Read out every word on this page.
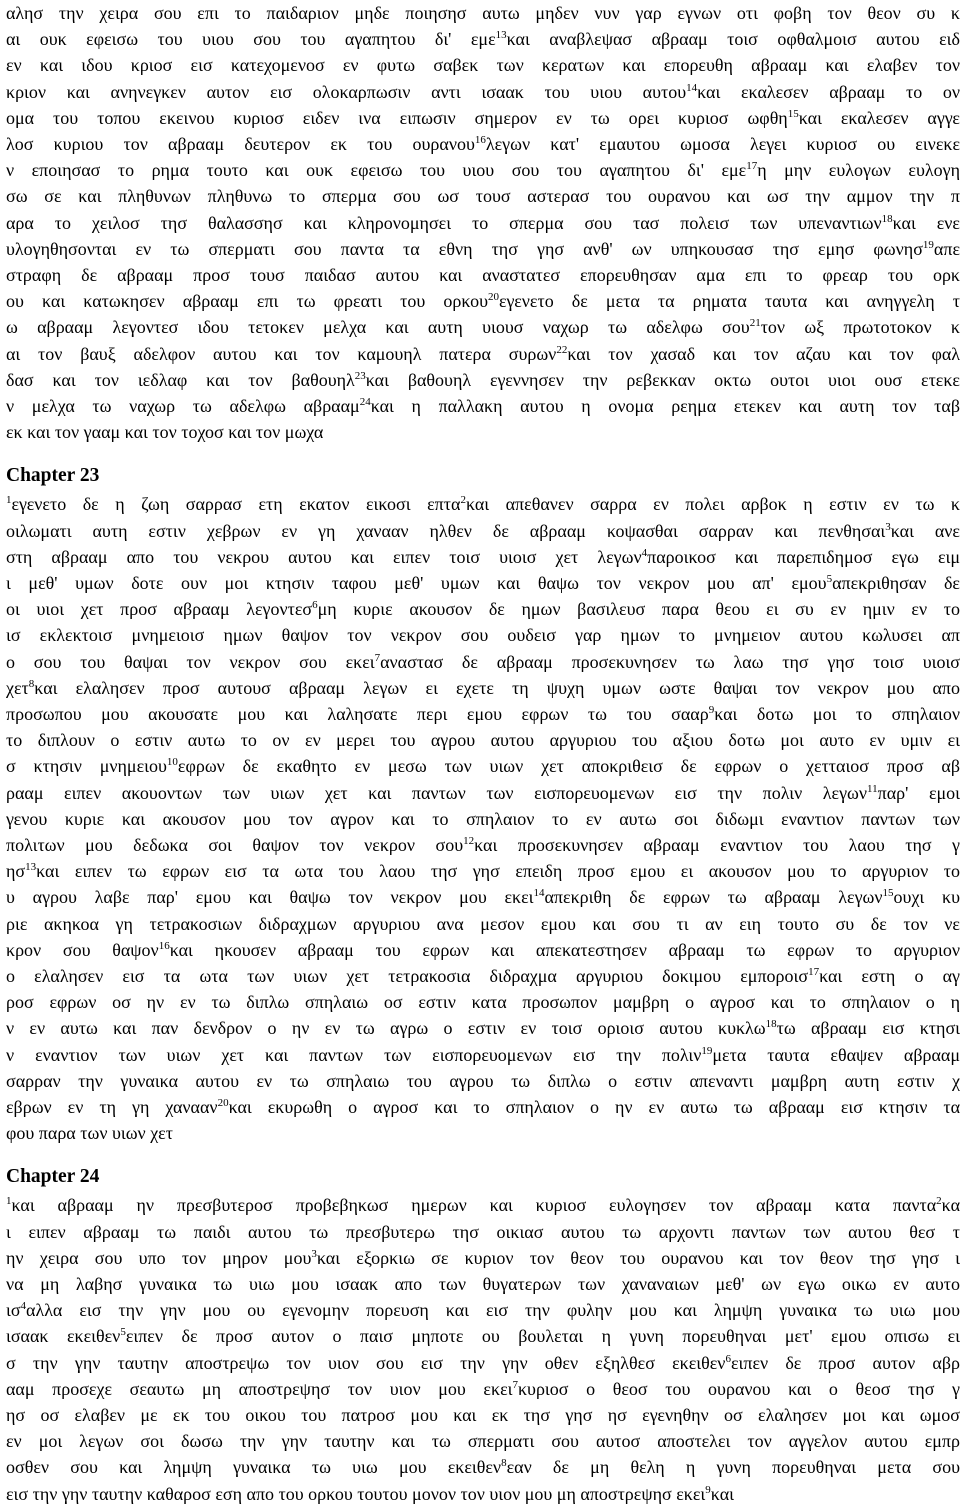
αλησ την χειρα σου επι το παιδαριον μηδε ποιησησ αυτω μηδεν νυν γαρ εγνων οτι φοβη τον θεον συ κ
αι ουκ εφεισω του υιου σου του αγαπητου δι' εμε$^{13}$και αναβλεψασ αβρααμ τοισ οφθαλμοισ αυτου ειδ
εν και ιδου κριοσ εισ κατεχομενοσ εν φυτω σαβεκ των κερατων και επορευθη αβρααμ και ελαβεν τον
κριον και ανηνεγκεν αυτον εισ ολοκαρπωσιν αντι ισαακ του υιου αυτου$^{14}$και εκαλεσεν αβρααμ το ον
ομα του τοπου εκεινου κυριοσ ειδεν ινα ειπωσιν σημερον εν τω ορει κυριοσ ωφθη$^{15}$και εκαλεσεν αγγε
λοσ κυριου τον αβρααμ δευτερον εκ του ουρανου$^{16}$λεγων κατ' εμαυτου ωμοσα λεγει κυριοσ ου εινεκε
ν εποιησασ το ρημα τουτο και ουκ εφεισω του υιου σου του αγαπητου δι' εμε$^{17}$η μην ευλογων ευλογη
σω σε και πληθυνων πληθυνω το σπερμα σου ωσ τουσ αστερασ του ουρανου και ωσ την αμμον την π
αρα το χειλοσ τησ θαλασσησ και κληρονομησει το σπερμα σου τασ πολεισ των υπεναντιων$^{18}$και ενε
υλογηθησονται εν τω σπερματι σου παντα τα εθνη τησ γησ ανθ' ων υπηκουσασ τησ εμησ φωνησ$^{19}$απε
στραφη δε αβρααμ προσ τουσ παιδασ αυτου και αναστατεσ επορευθησαν αμα επι το φρεαρ του ορκ
ου και κατωκησεν αβρααμ επι τω φρεατι του ορκου$^{20}$εγενετο δε μετα τα ρηματα ταυτα και ανηγγελη τ
ω αβρααμ λεγοντεσ ιδου τετοκεν μελχα και αυτη υιουσ ναχωρ τω αδελφω σου$^{21}$τον ωξ πρωτοτοκον κ
αι τον βαυξ αδελφον αυτου και τον καμουηλ πατερα συρων$^{22}$και τον χασαδ και τον αζαυ και τον φαλ
δασ και τον ιεδλαφ και τον βαθουηλ$^{23}$και βαθουηλ εγεννησεν την ρεβεκκαν οκτω ουτοι υιοι ουσ ετεκε
ν μελχα τω ναχωρ τω αδελφω αβρααμ$^{24}$και η παλλακη αυτου η ονομα ρεημα ετεκεν και αυτη τον ταβ
εκ και τον γααμ και τον τοχοσ και τον μωχα
Chapter 23
$^1$εγενετο δε η ζωη σαρρασ ετη εκατον εικοσι επτα$^2$και απεθανεν σαρρα εν πολει αρβοκ η εστιν εν τω κ
οιλωματι αυτη εστιν χεβρων εν γη χανααν ηλθεν δε αβρααμ κοψασθαι σαρραν και πενθησαι$^3$και ανε
στη αβρααμ απο του νεκρου αυτου και ειπεν τοισ υιοισ χετ λεγων$^4$παροικοσ και παρεπιδημοσ εγω ειμ
ι μεθ' υμων δοτε ουν μοι κτησιν ταφου μεθ' υμων και θαψω τον νεκρον μου απ' εμου$^5$απεκριθησαν δε
οι υιοι χετ προσ αβρααμ λεγοντεσ$^6$μη κυριε ακουσον δε ημων βασιλευσ παρα θεου ει συ εν ημιν εν το
ισ εκλεκτοισ μνημειοισ ημων θαψον τον νεκρον σου ουδεισ γαρ ημων το μνημειον αυτου κωλυσει απ
ο σου του θαψαι τον νεκρον σου εκει$^7$αναστασ δε αβρααμ προσεκυνησεν τω λαω τησ γησ τοισ υιοισ
χετ$^8$και ελαλησεν προσ αυτουσ αβρααμ λεγων ει εχετε τη ψυχη υμων ωστε θαψαι τον νεκρον μου απο
προσωπου μου ακουσατε μου και λαλησατε περι εμου εφρων τω του σααρ$^9$και δοτω μοι το σπηλαιον
το διπλουν ο εστιν αυτω το ον εν μερει του αγρου αυτου αργυριου του αξιου δοτω μοι αυτο εν υμιν ει
σ κτησιν μνημειου$^{10}$εφρων δε εκαθητο εν μεσω των υιων χετ αποκριθεισ δε εφρων ο χετταιοσ προσ αβ
ρααμ ειπεν ακουοντων των υιων χετ και παντων των εισπορευομενων εισ την πολιν λεγων$^{11}$παρ' εμοι
γενου κυριε και ακουσον μου τον αγρον και το σπηλαιον το εν αυτω σοι διδωμι εναντιον παντων των
πολιτων μου δεδωκα σοι θαψον τον νεκρον σου$^{12}$και προσεκυνησεν αβρααμ εναντιον του λαου τησ γ
$\eta\sigma^{13}\kappa\alpha\iota$ ειπεν τω εφρων εισ τα ωτα του λαου τησ γησ επειδη προσ εμου ει ακουσον μου το αργυριον το
υ αγρου λαβε παρ' εμου και θαψω τον νεκρον μου εκει$^{14}$απεκριθη δε εφρων τω αβρααμ λεγων$^{15}$ουχι κυ
ριε ακηκοα γη τετρακοσιων διδραχμων αργυριου ανα μεσον εμου και σου τι αν ειη τουτο συ δε τον νε
κρον σου θαψον$^{16}$και ηκουσεν αβρααμ του εφρων και απεκατεστησεν αβρααμ τω εφρων το αργυριον
ο ελαλησεν εισ τα ωτα των υιων χετ τετρακοσια διδραχμα αργυριου δοκιμου εμποροισ$^{17}$και εστη ο αγ
ροσ εφρων οσ ην εν τω διπλω σπηλαιω οσ εστιν κατα προσωπον μαμβρη ο αγροσ και το σπηλαιον ο η
ν εν αυτω και παν δενδρον ο ην εν τω αγρω ο εστιν εν τοισ οριοισ αυτου κυκλω$^{18}$τω αβρααμ εισ κτησι
ν εναντιον των υιων χετ και παντων των εισπορευομενων εισ την πολιν$^{19}$μετα ταυτα εθαψεν αβρααμ
σαρραν την γυναικα αυτου εν τω σπηλαιω του αγρου τω διπλω ο εστιν απεναντι μαμβρη αυτη εστιν χ
εβρων εν τη γη χανααν$^{20}$και εκυρωθη ο αγροσ και το σπηλαιον ο ην εν αυτω τω αβρααμ εισ κτησιν τα
φου παρα των υιων χετ
Chapter 24
$^1$και αβρααμ ην πρεσβυτεροσ προβεβηκωσ ημερων και κυριοσ ευλογησεν τον αβρααμ κατα παντα$^2$κα
ι ειπεν αβρααμ τω παιδι αυτου τω πρεσβυτερω τησ οικιασ αυτου τω αρχοντι παντων των αυτου θεσ τ
ην χειρα σου υπο τον μηρον μου$^3$και εξορκιω σε κυριον τον θεον του ουρανου και τον θεον τησ γησ ι
να μη λαβησ γυναικα τω υιω μου ισαακ απο των θυγατερων των χαναναιων μεθ' ων εγω οικω εν αυτο
$\iota\sigma^4\alpha\lambda\lambda\alpha$ εισ την γην μου ου εγενομην πορευση και εισ την φυλην μου και λημψη γυναικα τω υιω μου
ισαακ εκειθεν$^5$ειπεν δε προσ αυτον ο παισ μηποτε ου βουλεται η γυνη πορευθηναι μετ' εμου οπισω ει
σ την γην ταυτην αποστρεψω τον υιον σου εισ την γην οθεν εξηλθεσ εκειθεν$^6$ειπεν δε προσ αυτον αβρ
ααμ προσεχε σεαυτω μη αποστρεψησ τον υιον μου εκει$^7$κυριοσ ο θεοσ του ουρανου και ο θεοσ τησ γ
ησ οσ ελαβεν με εκ του οικου του πατροσ μου και εκ τησ γησ ησ εγενηθην οσ ελαλησεν μοι και ωμοσ
εν μοι λεγων σοι δωσω την γην ταυτην και τω σπερματι σου αυτοσ αποστελει τον αγγελον αυτου εμπρ
οσθεν σου και λημψη γυναικα τω υιω μου εκειθεν$^8$εαν δε μη θελη η γυνη πορευθηναι μετα σου
εισ την γην ταυτην καθαροσ εση απο του ορκου τουτου μονον τον υιον μου μη αποστρεψησ εκει$^9$και
